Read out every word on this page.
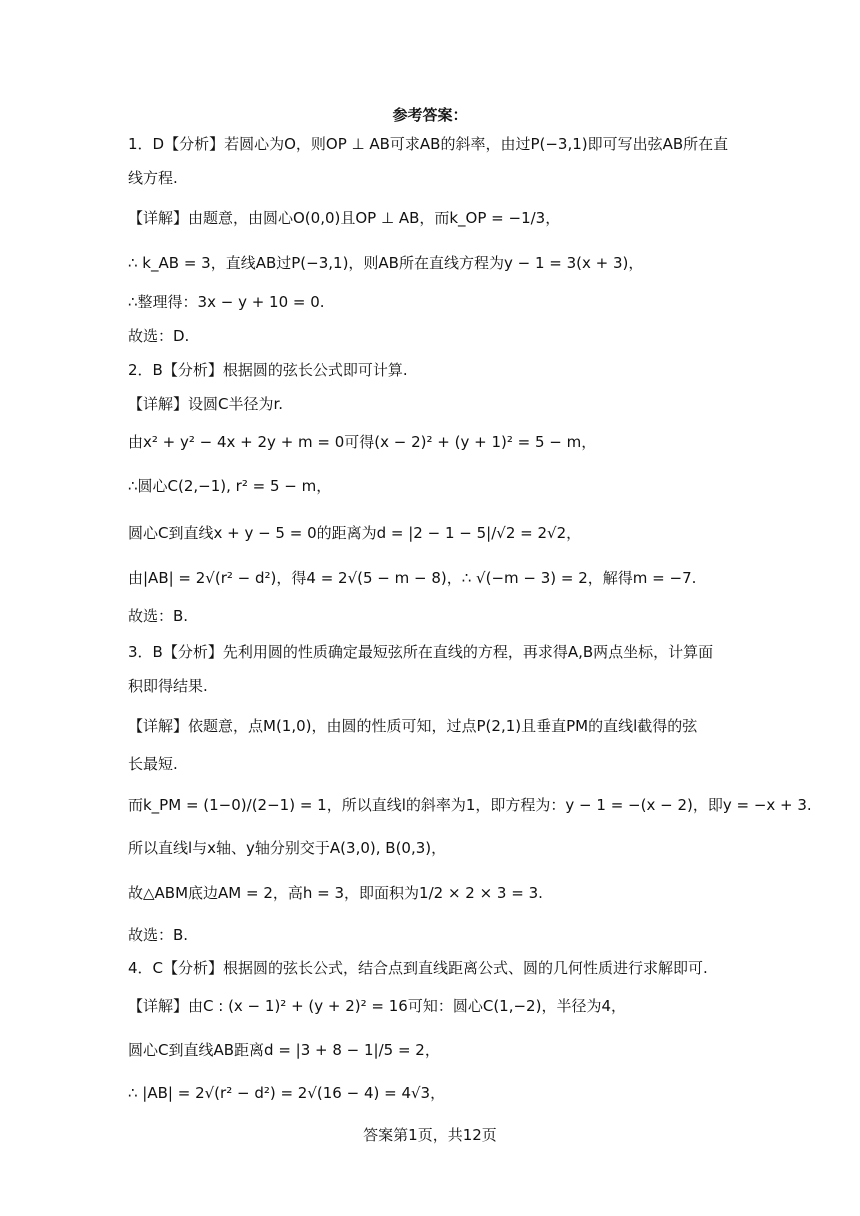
参考答案：
1．D【分析】若圆心为O，则OP ⊥ AB可求AB的斜率，由过P(−3,1)即可写出弦AB所在直
线方程.
【详解】由题意，由圆心O(0,0)且OP ⊥ AB，而k_OP = −1/3，
∴ k_AB = 3，直线AB过P(−3,1)，则AB所在直线方程为y − 1 = 3(x + 3)，
∴整理得：3x − y + 10 = 0.
故选：D.
2．B【分析】根据圆的弦长公式即可计算.
【详解】设圆C半径为r.
由x² + y² − 4x + 2y + m = 0可得(x − 2)² + (y + 1)² = 5 − m，
∴圆心C(2,−1), r² = 5 − m，
圆心C到直线x + y − 5 = 0的距离为d = |2 − 1 − 5|/√2 = 2√2，
由|AB| = 2√(r² − d²)，得4 = 2√(5 − m − 8)，∴ √(−m − 3) = 2，解得m = −7.
故选：B.
3．B【分析】先利用圆的性质确定最短弦所在直线的方程，再求得A,B两点坐标，计算面
积即得结果.
【详解】依题意，点M(1,0)，由圆的性质可知，过点P(2,1)且垂直PM的直线l截得的弦
长最短.
而k_PM = (1−0)/(2−1) = 1，所以直线l的斜率为1，即方程为：y − 1 = −(x − 2)，即y = −x + 3.
所以直线l与x轴、y轴分别交于A(3,0), B(0,3)，
故△ABM底边AM = 2，高h = 3，即面积为1/2 × 2 × 3 = 3.
故选：B.
4．C【分析】根据圆的弦长公式，结合点到直线距离公式、圆的几何性质进行求解即可.
【详解】由C : (x − 1)² + (y + 2)² = 16可知：圆心C(1,−2)，半径为4，
圆心C到直线AB距离d = |3 + 8 − 1|/5 = 2，
∴ |AB| = 2√(r² − d²) = 2√(16 − 4) = 4√3，
答案第1页，共12页
